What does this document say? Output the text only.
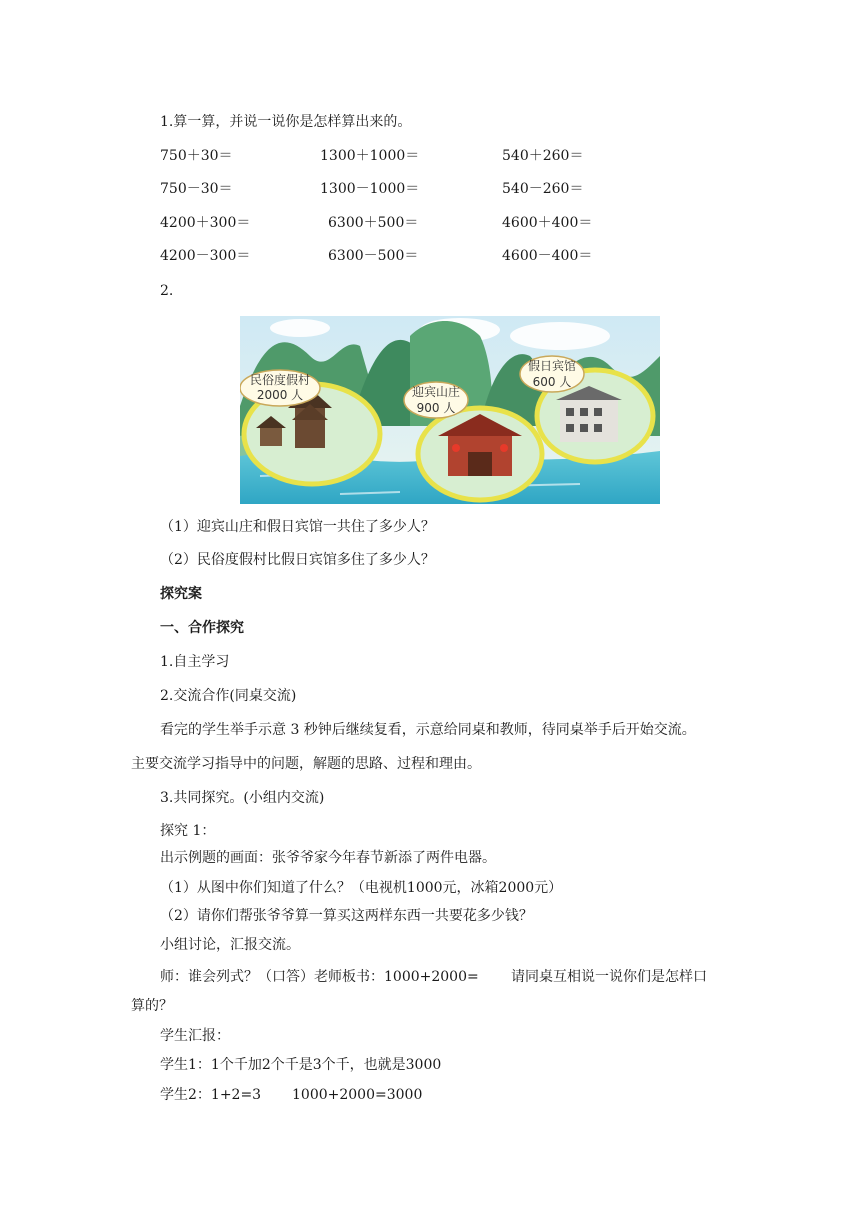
1.算一算，并说一说你是怎样算出来的。
750＋30＝	1300＋1000＝	540＋260＝
750－30＝	1300－1000＝	540－260＝
4200＋300＝	6300＋500＝	4600＋400＝
4200－300＝	6300－500＝	4600－400＝
2.
民俗度假村
2000 人	迎宾山庄
900 人
假日宾馆
600 人
（1）迎宾山庄和假日宾馆一共住了多少人？
（2）民俗度假村比假日宾馆多住了多少人？
探究案
一、合作探究
1.自主学习
2.交流合作(同桌交流)
看完的学生举手示意 3 秒钟后继续复看，示意给同桌和教师，待同桌举手后开始交流。
主要交流学习指导中的问题，解题的思路、过程和理由。
3.共同探究。(小组内交流)
探究 1：
出示例题的画面：张爷爷家今年春节新添了两件电器。
（1）从图中你们知道了什么？（电视机1000元，冰箱2000元）
（2）请你们帮张爷爷算一算买这两样东西一共要花多少钱？
小组讨论，汇报交流。
师：谁会列式？（口答）老师板书：1000+2000= 请同桌互相说一说你们是怎样口
算的？
学生汇报：
学生1：1个千加2个千是3个千，也就是3000
学生2：1+2=3 1000+2000=3000
